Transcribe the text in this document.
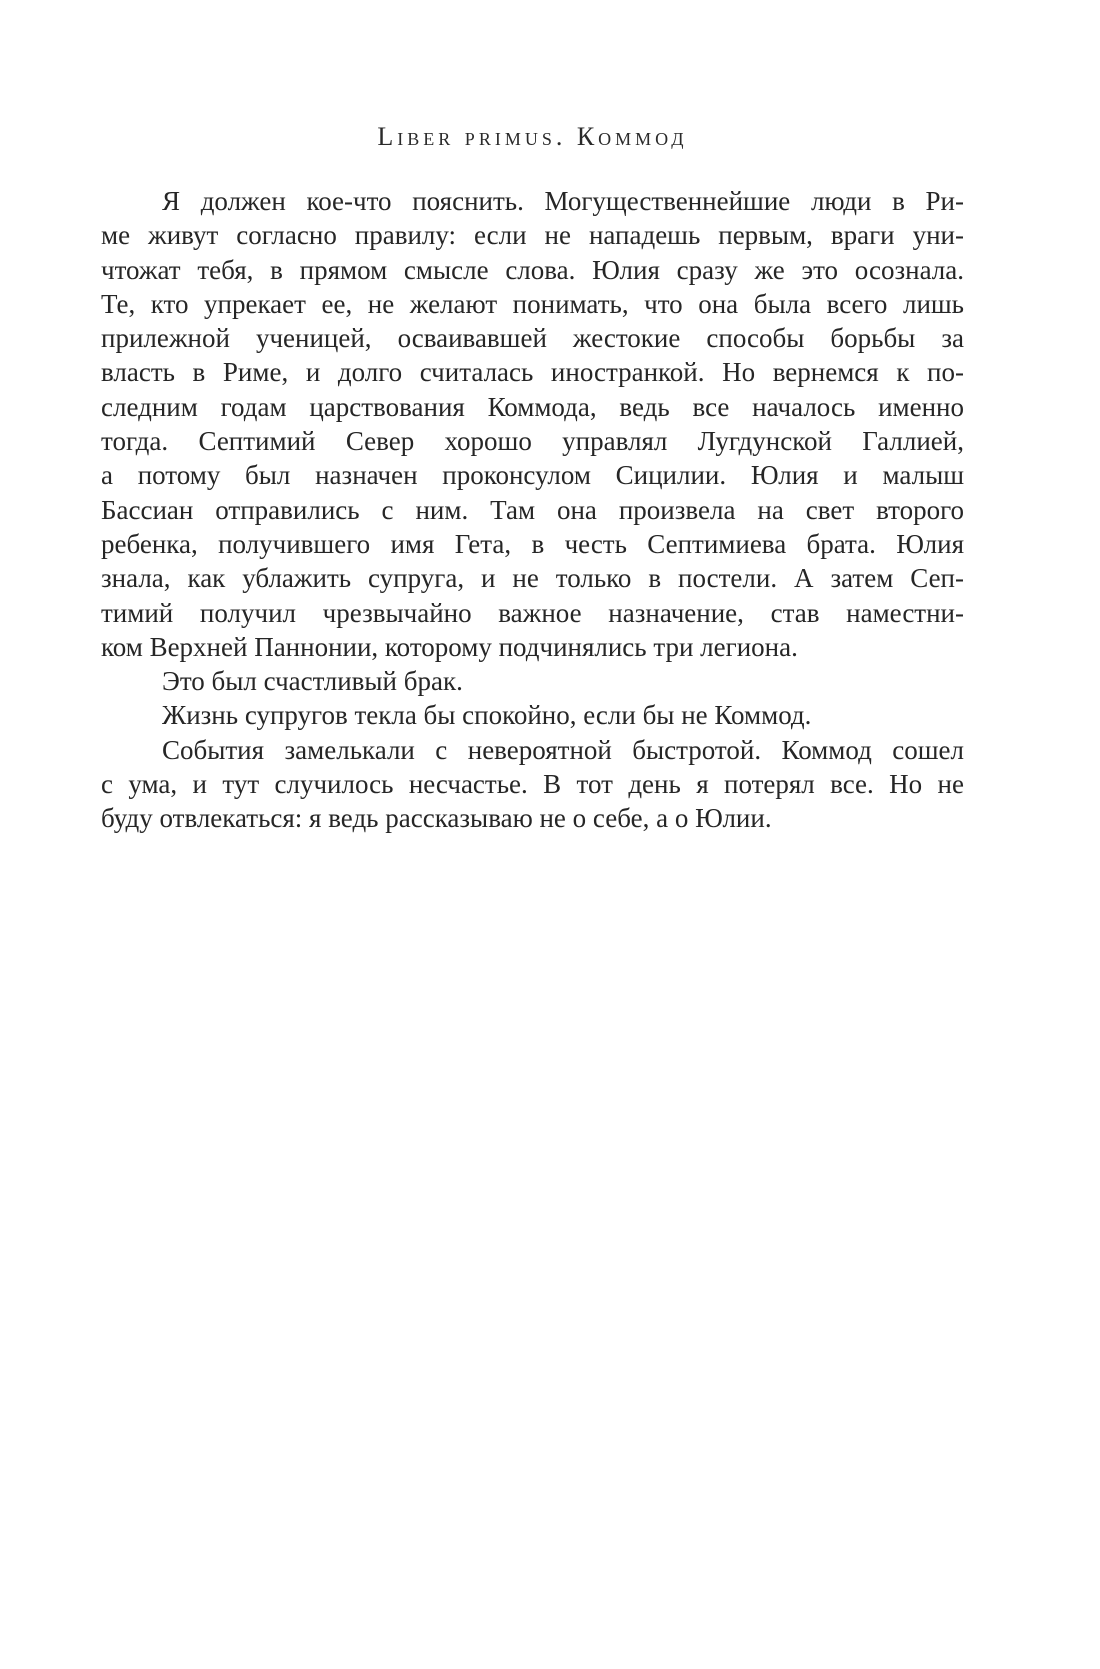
Liber primus. Коммод
Я должен кое-что пояснить. Могущественнейшие люди в Ри-
ме живут согласно правилу: если не нападешь первым, враги уни-
чтожат тебя, в прямом смысле слова. Юлия сразу же это осознала.
Те, кто упрекает ее, не желают понимать, что она была всего лишь
прилежной ученицей, осваивавшей жестокие способы борьбы за
власть в Риме, и долго считалась иностранкой. Но вернемся к по-
следним годам царствования Коммода, ведь все началось именно
тогда. Септимий Север хорошо управлял Лугдунской Галлией,
а потому был назначен проконсулом Сицилии. Юлия и малыш
Бассиан отправились с ним. Там она произвела на свет второго
ребенка, получившего имя Гета, в честь Септимиева брата. Юлия
знала, как ублажить супруга, и не только в постели. А затем Сеп-
тимий получил чрезвычайно важное назначение, став наместни-
ком Верхней Паннонии, которому подчинялись три легиона.
Это был счастливый брак.
Жизнь супругов текла бы спокойно, если бы не Коммод.
События замелькали с невероятной быстротой. Коммод сошел
с ума, и тут случилось несчастье. В тот день я потерял все. Но не
буду отвлекаться: я ведь рассказываю не о себе, а о Юлии.
